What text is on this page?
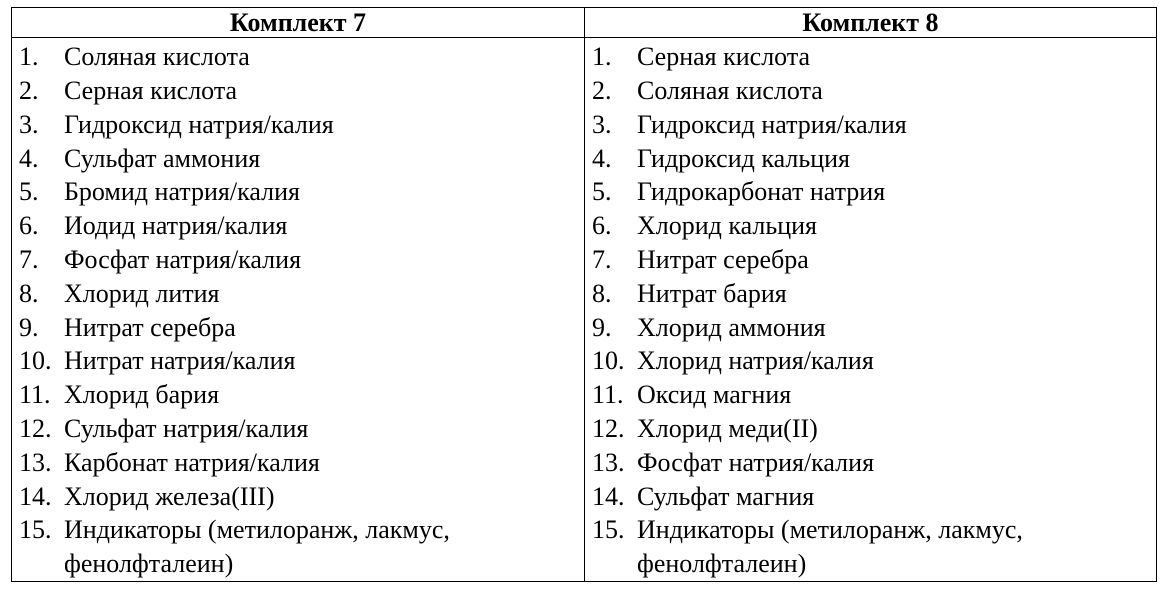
Комплект 7
1. Соляная кислота
2. Серная кислота
3. Гидроксид натрия/калия
4. Сульфат аммония
5. Бромид натрия/калия
6. Иодид натрия/калия
7. Фосфат натрия/калия
8. Хлорид лития
9. Нитрат серебра
10. Нитрат натрия/калия
11. Хлорид бария
12. Сульфат натрия/калия
13. Карбонат натрия/калия
14. Хлорид железа(III)
15. Индикаторы (метилоранж, лакмус, фенолфталеин)
Комплект 8
1. Серная кислота
2. Соляная кислота
3. Гидроксид натрия/калия
4. Гидроксид кальция
5. Гидрокарбонат натрия
6. Хлорид кальция
7. Нитрат серебра
8. Нитрат бария
9. Хлорид аммония
10. Хлорид натрия/калия
11. Оксид магния
12. Хлорид меди(II)
13. Фосфат натрия/калия
14. Сульфат магния
15. Индикаторы (метилоранж, лакмус, фенолфталеин)
